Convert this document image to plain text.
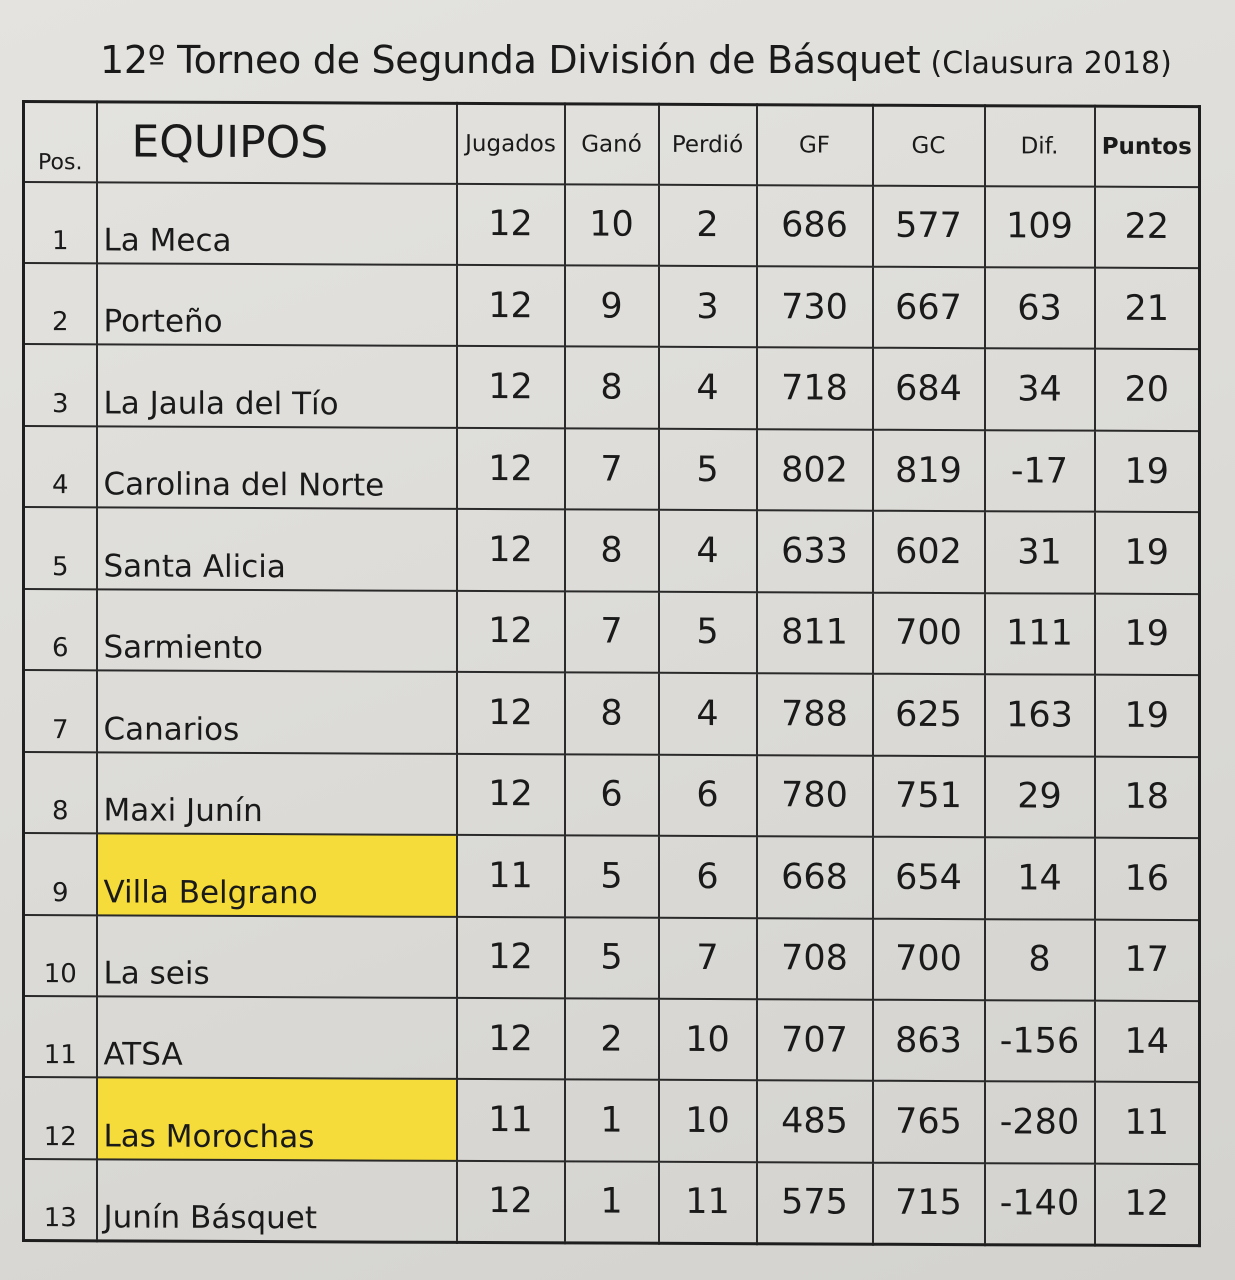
12º Torneo de Segunda División de Básquet (Clausura 2018)
Pos.	EQUIPOS	Jugados	Ganó	Perdió	GF	GC	Dif.	Puntos
1	La Meca	12	10	2	686	577	109	22
2	Porteño	12	9	3	730	667	63	21
3	La Jaula del Tío	12	8	4	718	684	34	20
4	Carolina del Norte	12	7	5	802	819	-17	19
5	Santa Alicia	12	8	4	633	602	31	19
6	Sarmiento	12	7	5	811	700	111	19
7	Canarios	12	8	4	788	625	163	19
8	Maxi Junín	12	6	6	780	751	29	18
9	Villa Belgrano	11	5	6	668	654	14	16
10	La seis	12	5	7	708	700	8	17
11	ATSA	12	2	10	707	863	-156	14
12	Las Morochas	11	1	10	485	765	-280	11
13	Junín Básquet	12	1	11	575	715	-140	12
